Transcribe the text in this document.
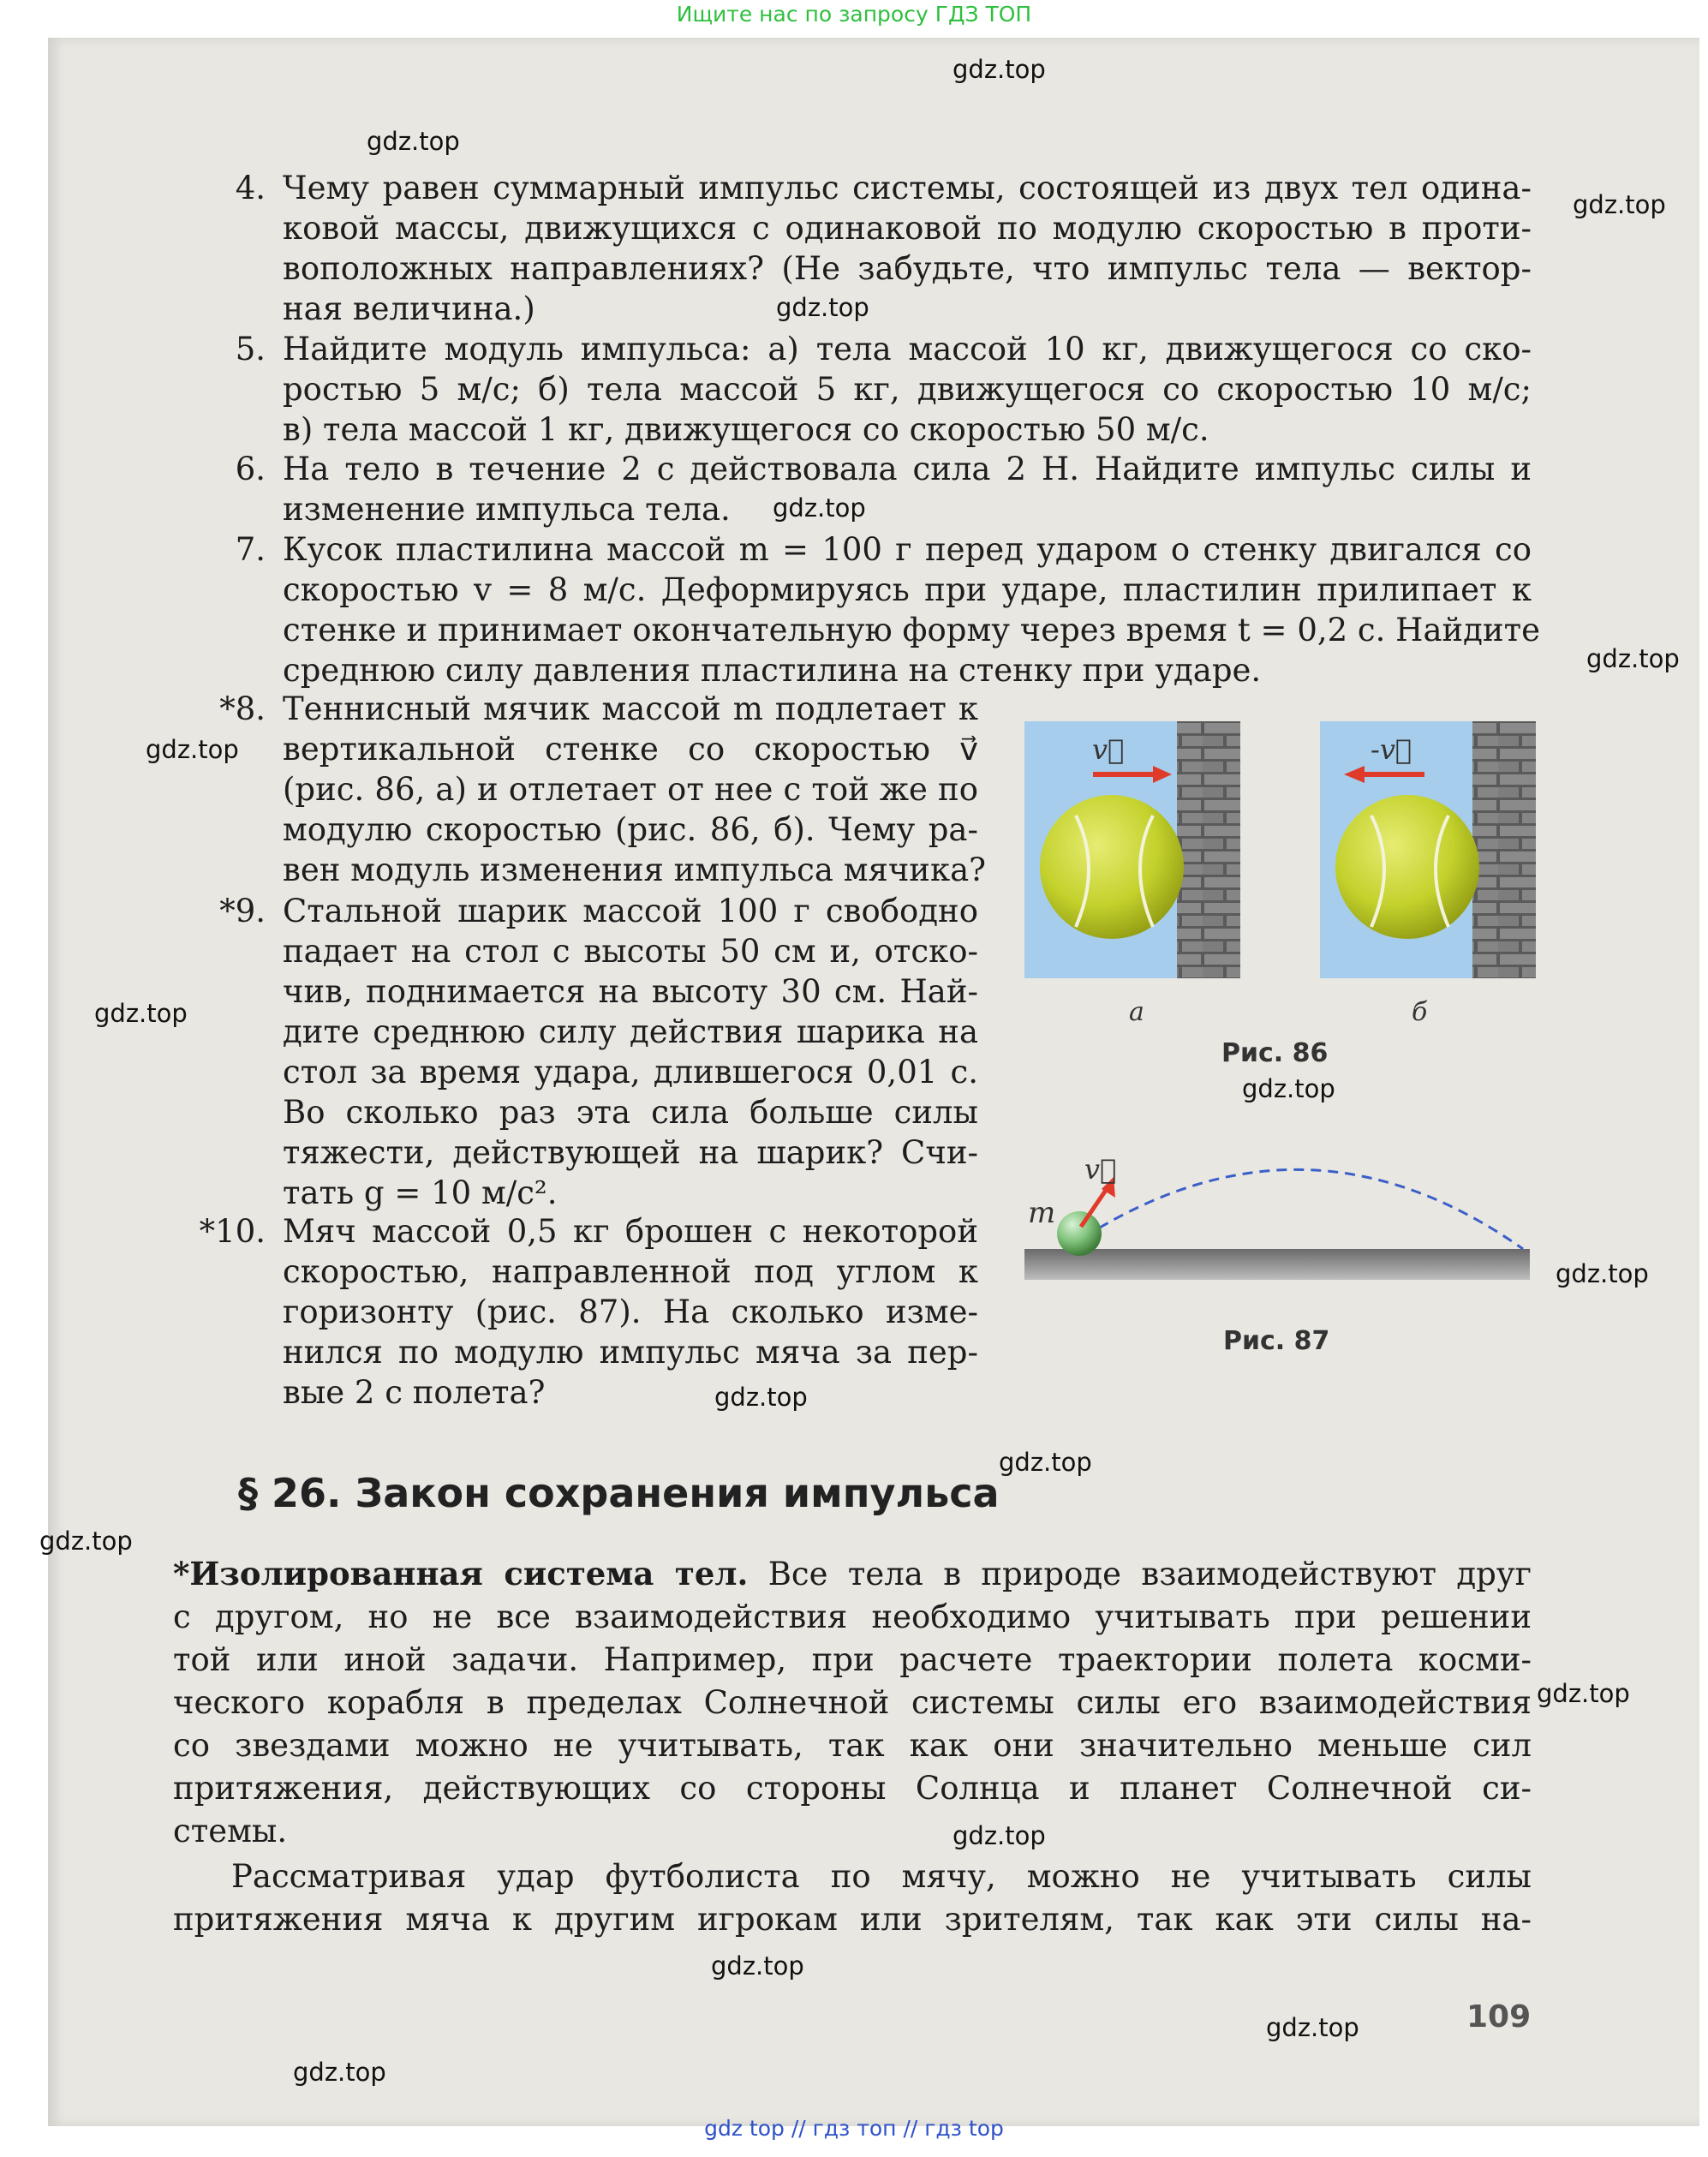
Ищите нас по запросу ГДЗ ТОП
gdz.top
gdz.top
gdz.top
gdz.top
gdz.top
gdz.top
gdz.top
gdz.top
gdz.top
gdz.top
gdz.top
gdz.top
gdz.top
gdz.top
gdz.top
gdz.top
gdz.top
gdz.top
4. Чему равен суммарный импульс системы, состоящей из двух тел одина-
ковой массы, движущихся с одинаковой по модулю скоростью в проти-
воположных направлениях? (Не забудьте, что импульс тела — вектор-
ная величина.)
5. Найдите модуль импульса: а) тела массой 10 кг, движущегося со ско-
ростью 5 м/с; б) тела массой 5 кг, движущегося со скоростью 10 м/с;
в) тела массой 1 кг, движущегося со скоростью 50 м/с.
6. На тело в течение 2 с действовала сила 2 Н. Найдите импульс силы и
изменение импульса тела.
7. Кусок пластилина массой m = 100 г перед ударом о стенку двигался со
скоростью v = 8 м/с. Деформируясь при ударе, пластилин прилипает к
стенке и принимает окончательную форму через время t = 0,2 с. Найдите
среднюю силу давления пластилина на стенку при ударе.
*8. Теннисный мячик массой m подлетает к
вертикальной стенке со скоростью v⃗
(рис. 86, а) и отлетает от нее с той же по
модулю скоростью (рис. 86, б). Чему ра-
вен модуль изменения импульса мячика?
*9. Стальной шарик массой 100 г свободно
падает на стол с высоты 50 см и, отско-
чив, поднимается на высоту 30 см. Най-
дите среднюю силу действия шарика на
стол за время удара, длившегося 0,01 с.
Во сколько раз эта сила больше силы
тяжести, действующей на шарик? Счи-
тать g = 10 м/с².
*10. Мяч массой 0,5 кг брошен с некоторой
скоростью, направленной под углом к
горизонту (рис. 87). На сколько изме-
нился по модулю импульс мяча за пер-
вые 2 с полета?
v⃗	-v⃗
а	б
Рис. 86
m
v⃗
Рис. 87
§ 26. Закон сохранения импульса
*Изолированная система тел. Все тела в природе взаимодействуют друг
с другом, но не все взаимодействия необходимо учитывать при решении
той или иной задачи. Например, при расчете траектории полета косми-
ческого корабля в пределах Солнечной системы силы его взаимодействия
со звездами можно не учитывать, так как они значительно меньше сил
притяжения, действующих со стороны Солнца и планет Солнечной си-
стемы.
Рассматривая удар футболиста по мячу, можно не учитывать силы
притяжения мяча к другим игрокам или зрителям, так как эти силы на-
109
gdz top // гдз топ // гдз top
